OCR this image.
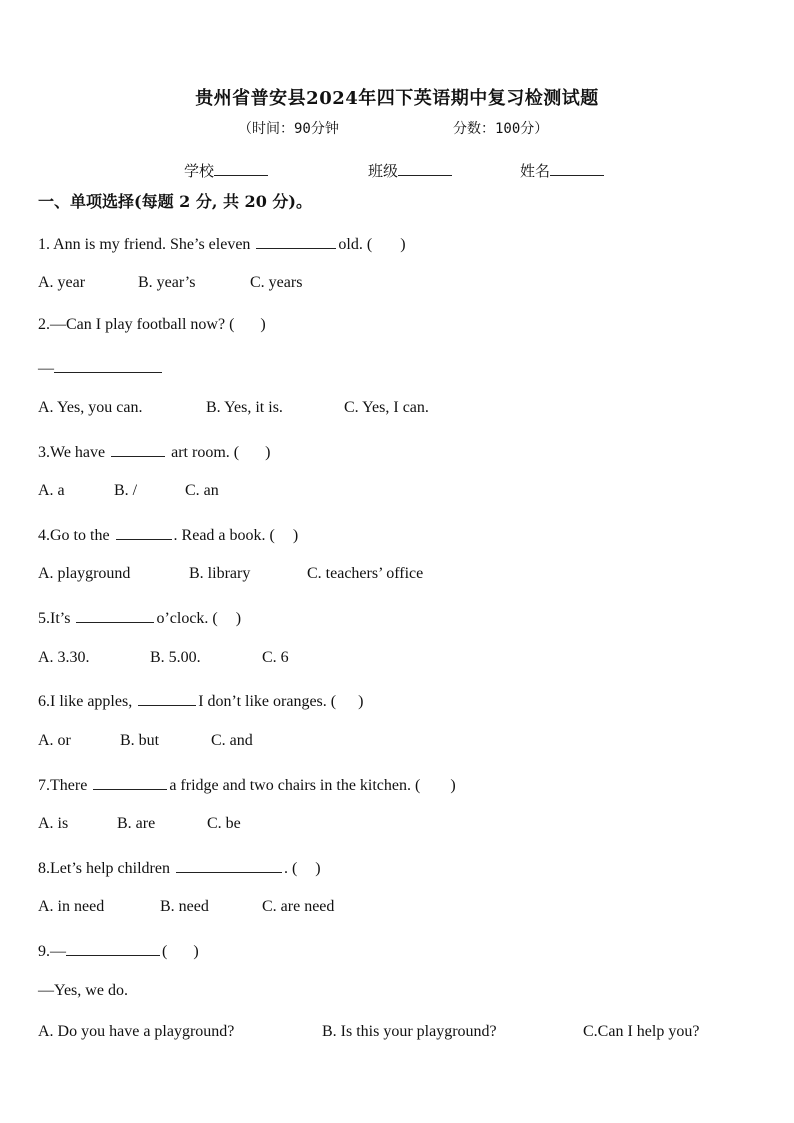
贵州省普安县2024年四下英语期中复习检测试题
（时间：90分钟	分数：100分）
学校	班级	姓名
一、单项选择(每题 2 分, 共 20 分)。
1. Ann is my friend. She’s eleven	old. ( )
A. year	B. year’s	C. years
2.—Can I play football now? ( )
—
A. Yes, you can.	B. Yes, it is.	C. Yes, I can.
3.We have	art room. ( )
A. a	B. /	C. an
4.Go to the	. Read a book. ( )
A. playground	B. library	C. teachers’ office
5.It’s	o’clock. ( )
A. 3.30.	B. 5.00.	C. 6
6.I like apples,	I don’t like oranges. ( )
A. or	B. but	C. and
7.There	a fridge and two chairs in the kitchen. ( )
A. is	B. are	C. be
8.Let’s help children	. ( )
A. in need	B. need	C. are need
9.—	( )
—Yes, we do.
A. Do you have a playground?	B. Is this your playground?	C.Can I help you?
